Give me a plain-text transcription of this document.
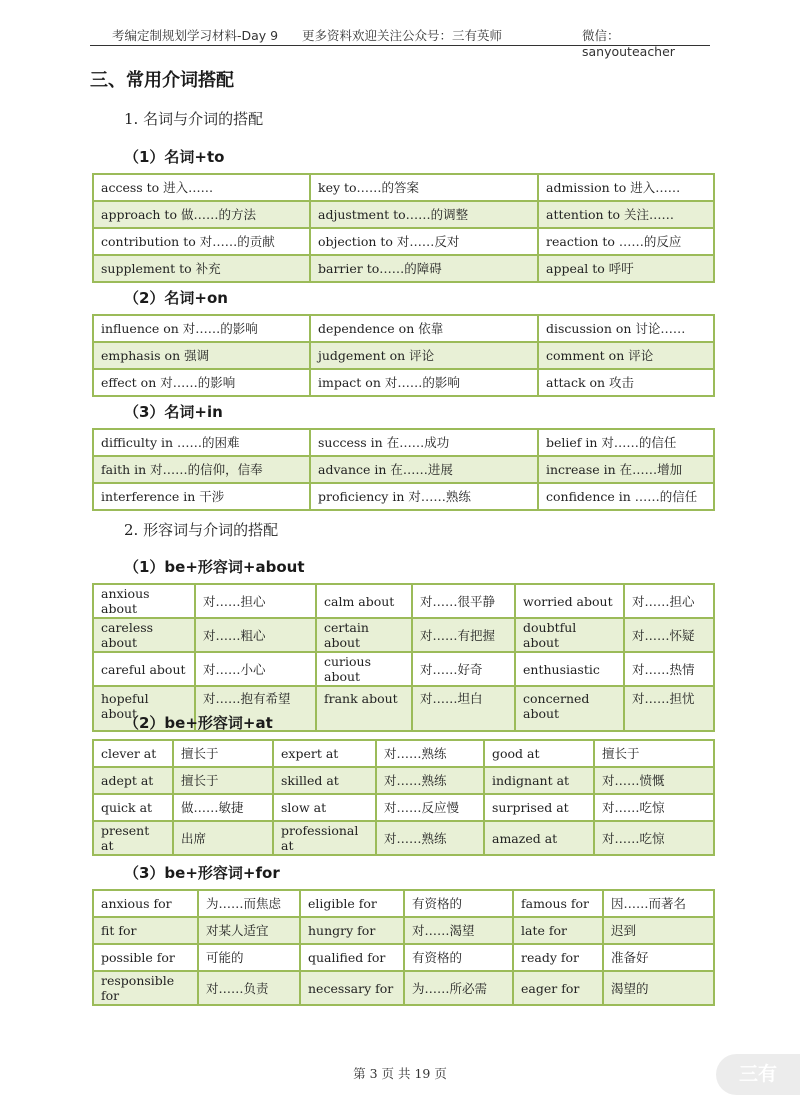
考编定制规划学习材料-Day 9 更多资料欢迎关注公众号：三有英师	微信：sanyouteacher
三、常用介词搭配
1. 名词与介词的搭配
（1）名词+to
access to 进入……	key to……的答案	admission to 进入……
approach to 做……的方法	adjustment to……的调整	attention to 关注……
contribution to 对……的贡献	objection to 对……反对	reaction to ……的反应
supplement to 补充	barrier to……的障碍	appeal to 呼吁
（2）名词+on
influence on 对……的影响	dependence on 依靠	discussion on 讨论……
emphasis on 强调	judgement on 评论	comment on 评论
effect on 对……的影响	impact on 对……的影响	attack on 攻击
（3）名词+in
difficulty in ……的困难	success in 在……成功	belief in 对……的信任
faith in 对……的信仰，信奉	advance in 在……进展	increase in 在……增加
interference in 干涉	proficiency in 对……熟练	confidence in ……的信任
2. 形容词与介词的搭配
（1）be+形容词+about
anxious about	对……担心	calm about	对……很平静	worried about	对……担心
careless about	对……粗心	certain about	对……有把握	doubtful about	对……怀疑
careful about	对……小心	curious about	对……好奇	enthusiastic	对……热情
hopeful about	对……抱有希望	frank about	对……坦白	concerned about	对……担忧
（2）be+形容词+at
clever at	擅长于	expert at	对……熟练	good at	擅长于
adept at	擅长于	skilled at	对……熟练	indignant at	对……愤慨
quick at	做……敏捷	slow at	对……反应慢	surprised at	对……吃惊
present at	出席	professional at	对……熟练	amazed at	对……吃惊
（3）be+形容词+for
anxious for	为……而焦虑	eligible for	有资格的	famous for	因……而著名
fit for	对某人适宜	hungry for	对……渴望	late for	迟到
possible for	可能的	qualified for	有资格的	ready for	准备好
responsible for	对……负责	necessary for	为……所必需	eager for	渴望的
第 3 页 共 19 页	三有
